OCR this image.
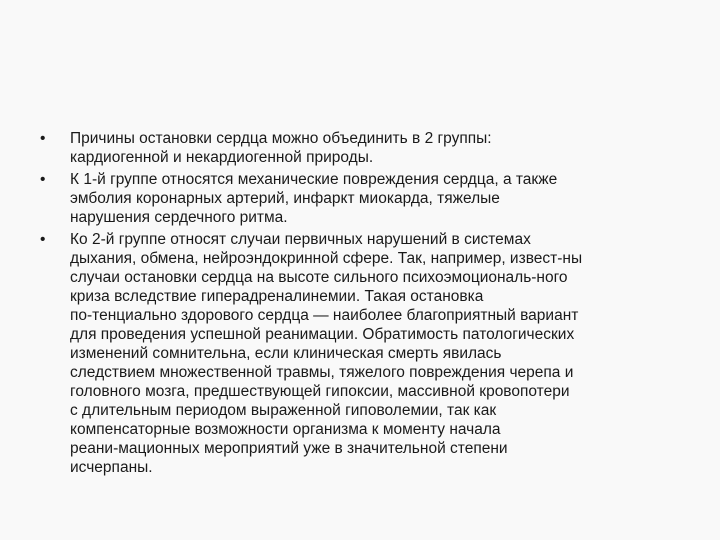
•	Причины остановки сердца можно объединить в 2 группы:
кардиогенной и некардиогенной природы.
•	К 1-й группе относятся механические повреждения сердца, а также
эмболия коронарных артерий, инфаркт миокарда, тяжелые
нарушения сердечного ритма.
•	Ко 2-й группе относят случаи первичных нарушений в системах
дыхания, обмена, нейроэндокринной сфере. Так, например, извест-ны
случаи остановки сердца на высоте сильного психоэмоциональ-ного
криза вследствие гиперадреналинемии. Такая остановка
по-тенциально здорового сердца — наиболее благоприятный вариант
для проведения успешной реанимации. Обратимость патологических
изменений сомнительна, если клиническая смерть явилась
следствием множественной травмы, тяжелого повреждения черепа и
головного мозга, предшествующей гипоксии, массивной кровопотери
с длительным периодом выраженной гиповолемии, так как
компенсаторные возможности организма к моменту начала
реани-мационных мероприятий уже в значительной степени
исчерпаны.
